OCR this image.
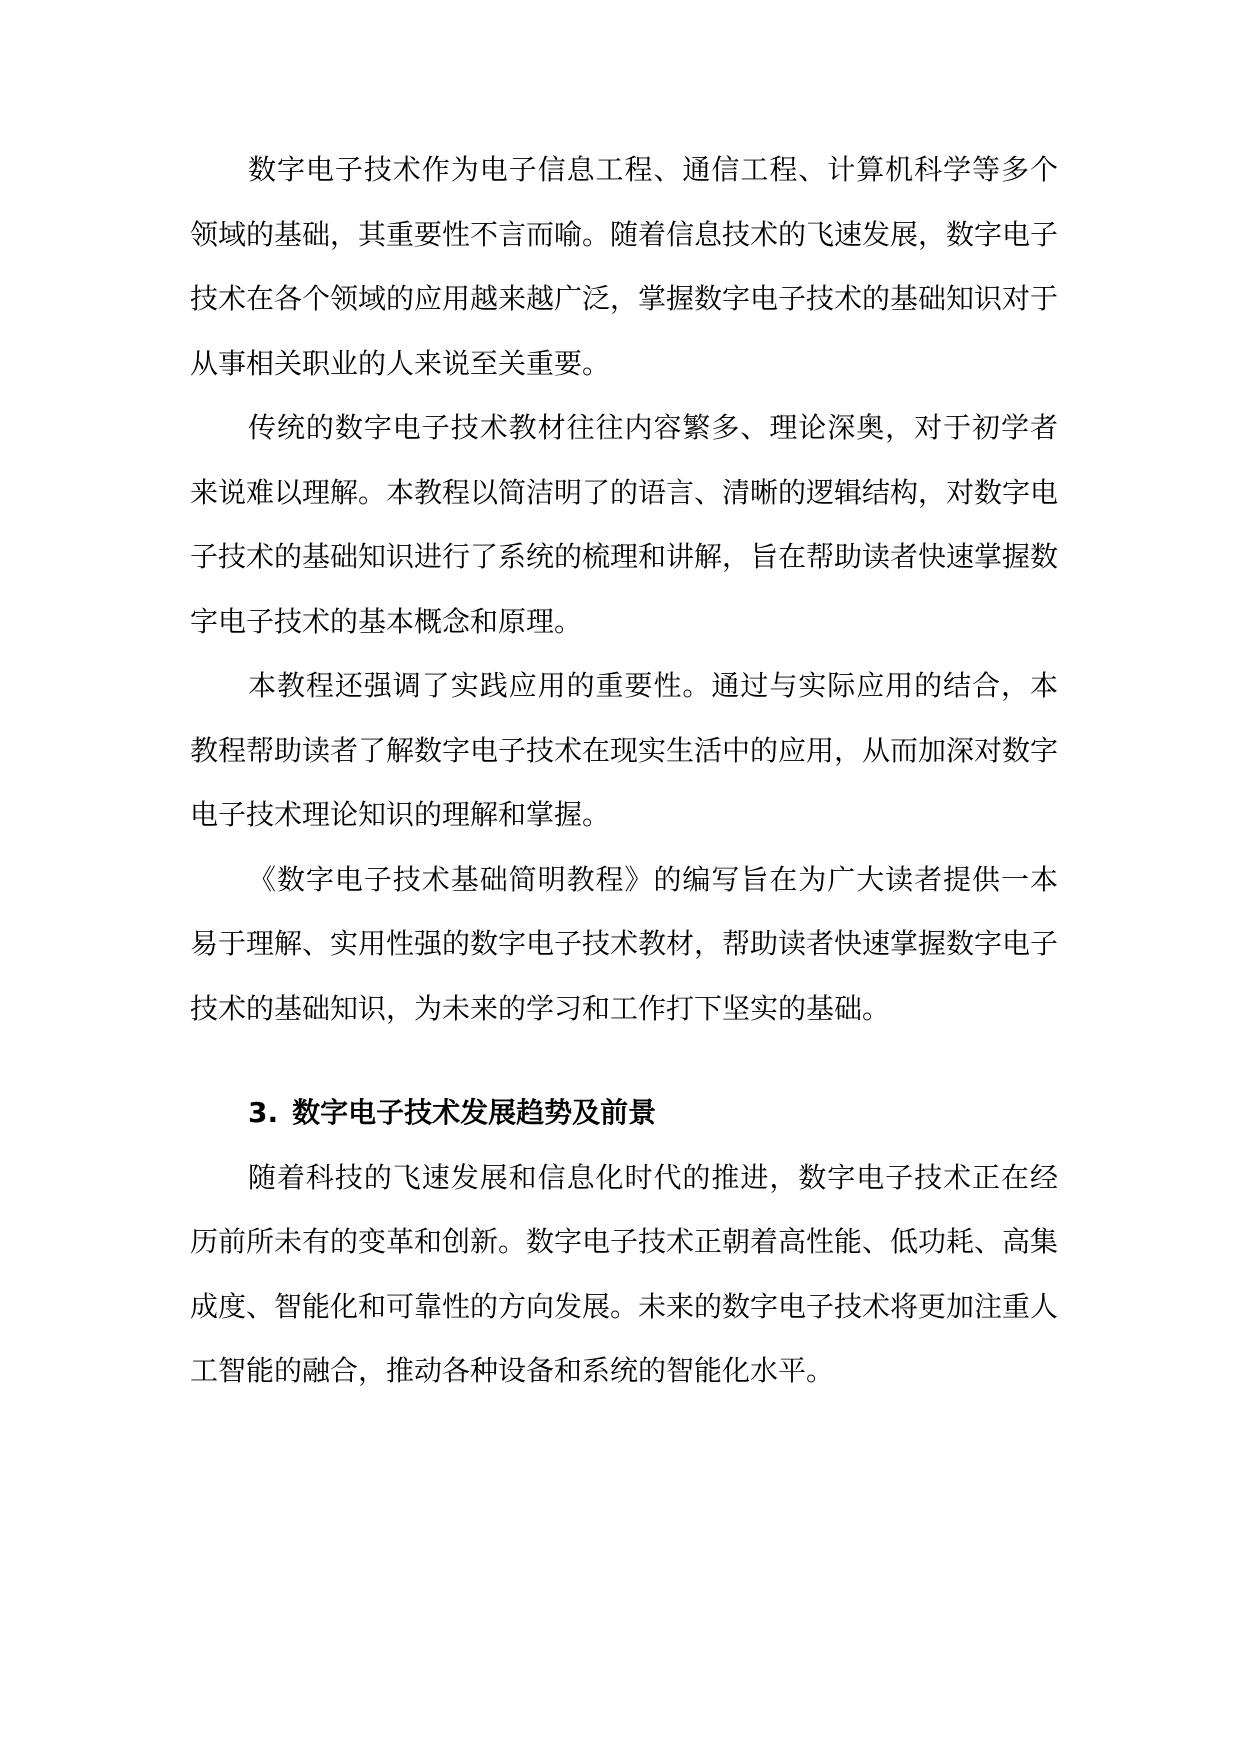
数字电子技术作为电子信息工程、通信工程、计算机科学等多个领域的基础，其重要性不言而喻。随着信息技术的飞速发展，数字电子技术在各个领域的应用越来越广泛，掌握数字电子技术的基础知识对于从事相关职业的人来说至关重要。

传统的数字电子技术教材往往内容繁多、理论深奥，对于初学者来说难以理解。本教程以简洁明了的语言、清晰的逻辑结构，对数字电子技术的基础知识进行了系统的梳理和讲解，旨在帮助读者快速掌握数字电子技术的基本概念和原理。

本教程还强调了实践应用的重要性。通过与实际应用的结合，本教程帮助读者了解数字电子技术在现实生活中的应用，从而加深对数字电子技术理论知识的理解和掌握。

《数字电子技术基础简明教程》的编写旨在为广大读者提供一本易于理解、实用性强的数字电子技术教材，帮助读者快速掌握数字电子技术的基础知识，为未来的学习和工作打下坚实的基础。

3. 数字电子技术发展趋势及前景

随着科技的飞速发展和信息化时代的推进，数字电子技术正在经历前所未有的变革和创新。数字电子技术正朝着高性能、低功耗、高集成度、智能化和可靠性的方向发展。未来的数字电子技术将更加注重人工智能的融合，推动各种设备和系统的智能化水平。
